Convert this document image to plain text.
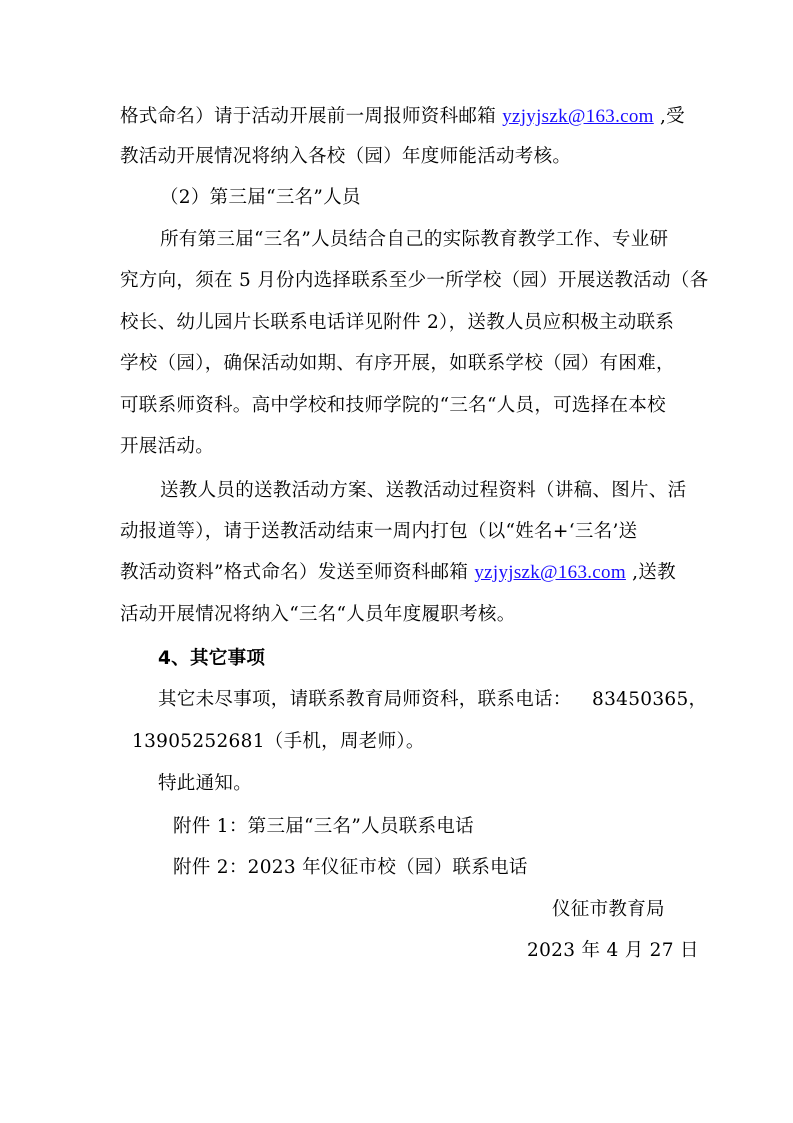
格式命名）请于活动开展前一周报师资科邮箱 yzjyjszk@163.com ,受
教活动开展情况将纳入各校（园）年度师能活动考核。
（2）第三届“三名”人员
所有第三届“三名”人员结合自己的实际教育教学工作、专业研
究方向，须在 5 月份内选择联系至少一所学校（园）开展送教活动（各
校长、幼儿园片长联系电话详见附件 2），送教人员应积极主动联系
学校（园），确保活动如期、有序开展，如联系学校（园）有困难，
可联系师资科。高中学校和技师学院的“三名“人员，可选择在本校
开展活动。
送教人员的送教活动方案、送教活动过程资料（讲稿、图片、活
动报道等），请于送教活动结束一周内打包（以“姓名+‘三名’送
教活动资料”格式命名）发送至师资科邮箱 yzjyjszk@163.com ,送教
活动开展情况将纳入“三名“人员年度履职考核。
4、其它事项
其它未尽事项，请联系教育局师资科，联系电话： 83450365，
13905252681（手机，周老师）。
特此通知。
附件 1：第三届“三名”人员联系电话
附件 2：2023 年仪征市校（园）联系电话
仪征市教育局
2023 年 4 月 27 日
